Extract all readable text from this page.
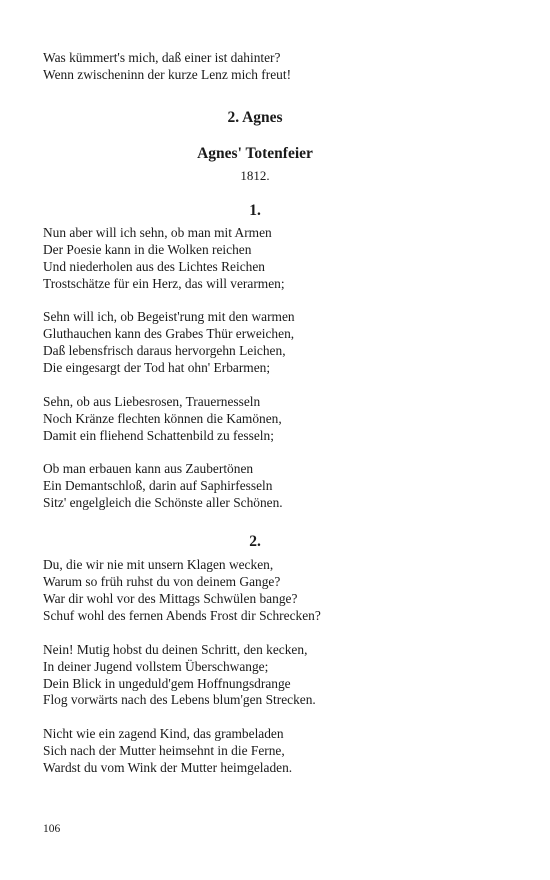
Was kümmert's mich, daß einer ist dahinter?

Wenn zwischeninn der kurze Lenz mich freut!

2. Agnes

Agnes' Totenfeier

1812.

1.

Nun aber will ich sehn, ob man mit Armen

Der Poesie kann in die Wolken reichen

Und niederholen aus des Lichtes Reichen

Trostschätze für ein Herz, das will verarmen;

Sehn will ich, ob Begeist'rung mit den warmen

Gluthauchen kann des Grabes Thür erweichen,

Daß lebensfrisch daraus hervorgehn Leichen,

Die eingesargt der Tod hat ohn' Erbarmen;

Sehn, ob aus Liebesrosen, Trauernesseln

Noch Kränze flechten können die Kamönen,

Damit ein fliehend Schattenbild zu fesseln;

Ob man erbauen kann aus Zaubertönen

Ein Demantschloß, darin auf Saphirfesseln

Sitz' engelgleich die Schönste aller Schönen.

2.

Du, die wir nie mit unsern Klagen wecken,

Warum so früh ruhst du von deinem Gange?

War dir wohl vor des Mittags Schwülen bange?

Schuf wohl des fernen Abends Frost dir Schrecken?

Nein! Mutig hobst du deinen Schritt, den kecken,

In deiner Jugend vollstem Überschwange;

Dein Blick in ungeduld'gem Hoffnungsdrange

Flog vorwärts nach des Lebens blum'gen Strecken.

Nicht wie ein zagend Kind, das grambeladen

Sich nach der Mutter heimsehnt in die Ferne,

Wardst du vom Wink der Mutter heimgeladen.

106
